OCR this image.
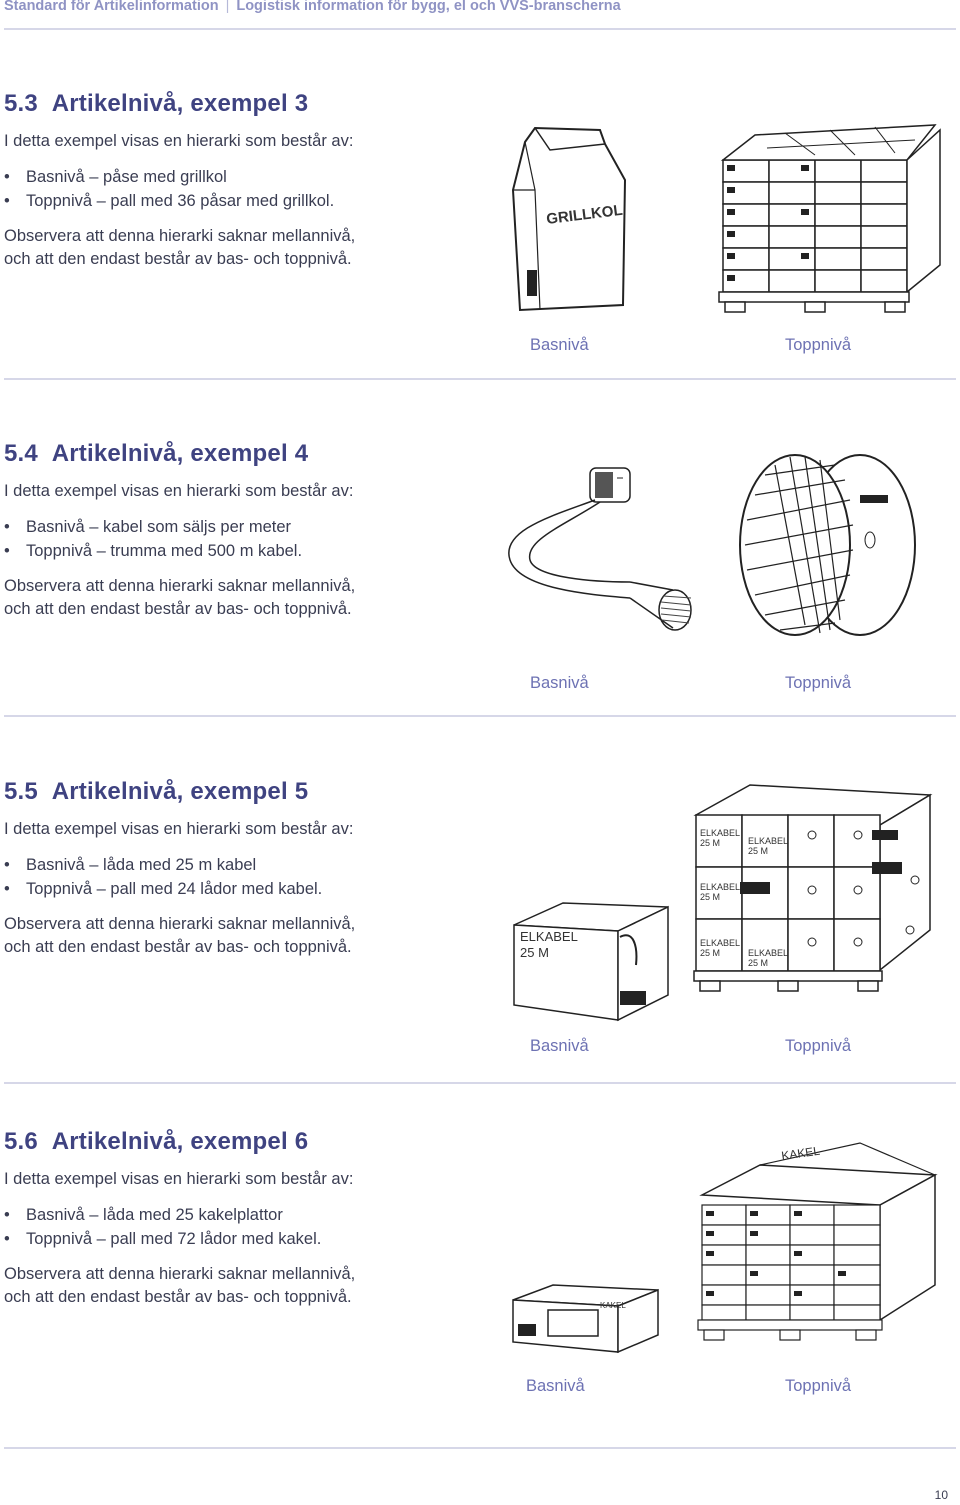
Standard för Artikelinformation | Logistisk information för bygg, el och VVS-branscherna
5.3 Artikelnivå, exempel 3

I detta exempel visas en hierarki som består av:

• Basnivå – påse med grillkol
• Toppnivå – pall med 36 påsar med grillkol.

Observera att denna hierarki saknar mellannivå,
och att den endast består av bas- och toppnivå.

GRILLKOL
Basnivå	Toppnivå
5.4 Artikelnivå, exempel 4

I detta exempel visas en hierarki som består av:

• Basnivå – kabel som säljs per meter
• Toppnivå – trumma med 500 m kabel.

Observera att denna hierarki saknar mellannivå,
och att den endast består av bas- och toppnivå.

Basnivå	Toppnivå
5.5 Artikelnivå, exempel 5

I detta exempel visas en hierarki som består av:

• Basnivå – låda med 25 m kabel
• Toppnivå – pall med 24 lådor med kabel.

Observera att denna hierarki saknar mellannivå,
och att den endast består av bas- och toppnivå.

ELKABEL
25 M
ELKABEL
25 M	ELKABEL
25 M
ELKABEL
25 M
ELKABEL
25 M	ELKABEL
25 M
Basnivå	Toppnivå
5.6 Artikelnivå, exempel 6

I detta exempel visas en hierarki som består av:

• Basnivå – låda med 25 kakelplattor
• Toppnivå – pall med 72 lådor med kakel.

Observera att denna hierarki saknar mellannivå,
och att den endast består av bas- och toppnivå.	KAKEL
KAKEL
Basnivå	Toppnivå
10
